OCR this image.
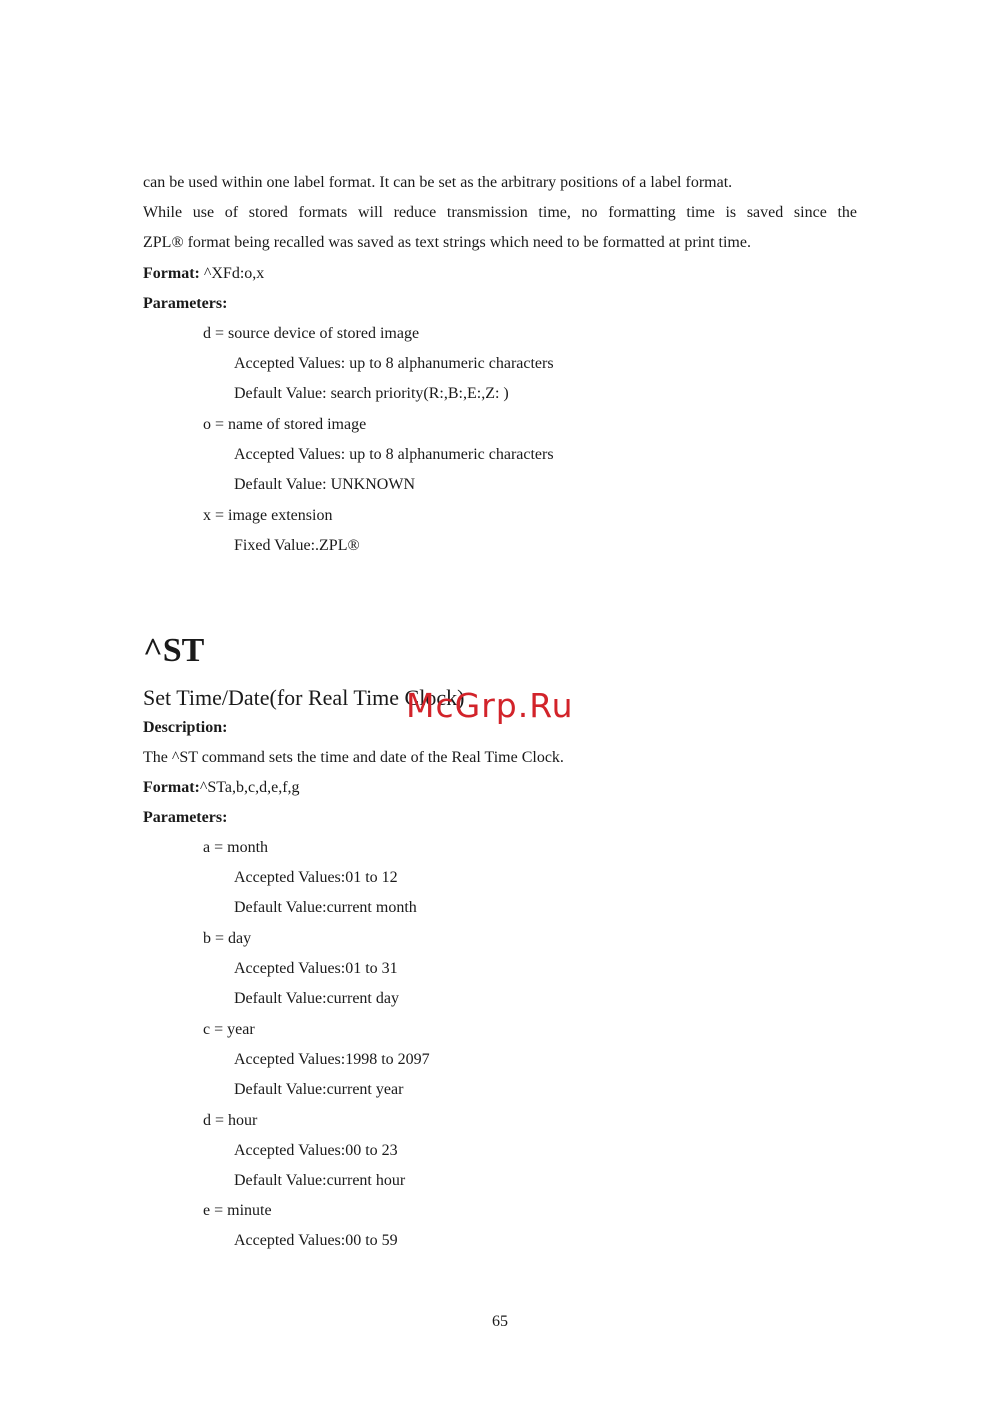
can be used within one label format. It can be set as the arbitrary positions of a label format.
While use of stored formats will reduce transmission time, no formatting time is saved since the
ZPL® format being recalled was saved as text strings which need to be formatted at print time.
Format: ^XFd:o,x
Parameters:
d = source device of stored image
Accepted Values: up to 8 alphanumeric characters
Default Value: search priority(R:,B:,E:,Z: )
o = name of stored image
Accepted Values: up to 8 alphanumeric characters
Default Value: UNKNOWN
x = image extension
Fixed Value:.ZPL®
^ST
Set Time/Date(for Real Time Clock)
McGrp.Ru
Description:
The ^ST command sets the time and date of the Real Time Clock.
Format:^STa,b,c,d,e,f,g
Parameters:
a = month
Accepted Values:01 to 12
Default Value:current month
b = day
Accepted Values:01 to 31
Default Value:current day
c = year
Accepted Values:1998 to 2097
Default Value:current year
d = hour
Accepted Values:00 to 23
Default Value:current hour
e = minute
Accepted Values:00 to 59
65
